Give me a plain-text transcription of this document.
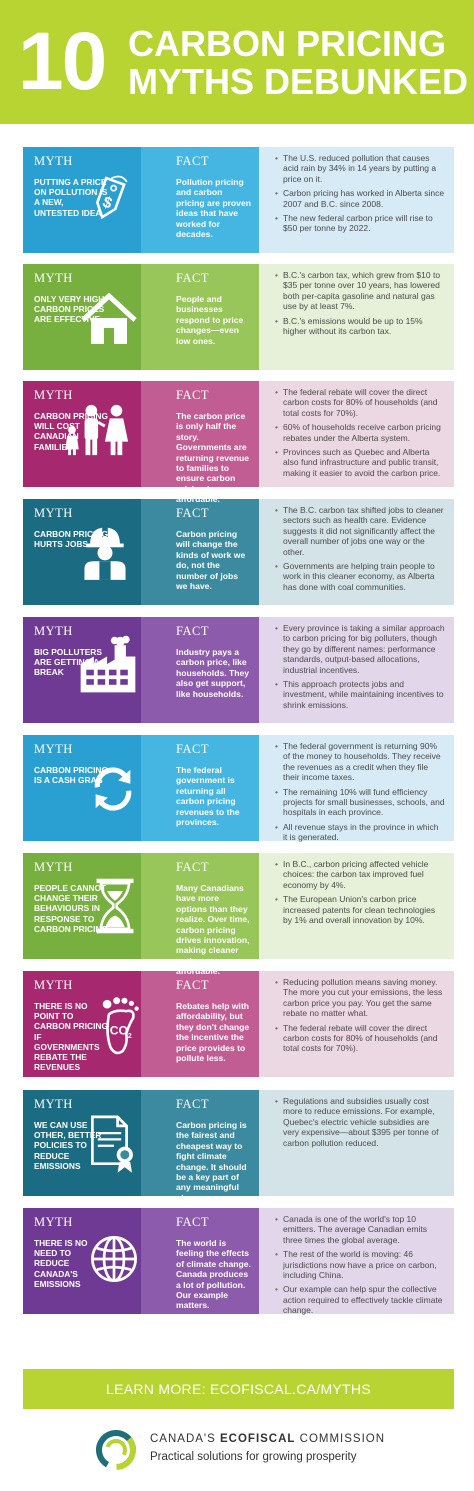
10 CARBON PRICING
MYTHS DEBUNKED
MYTH
PUTTING A PRICE ON POLLUTION IS A NEW, UNTESTED IDEA
FACT
Pollution pricing and carbon pricing are proven ideas that have worked for decades.
• The U.S. reduced pollution that causes acid rain by 34% in 14 years by putting a price on it.
• Carbon pricing has worked in Alberta since 2007 and B.C. since 2008.
• The new federal carbon price will rise to $50 per tonne by 2022.
$
MYTH
ONLY VERY HIGH CARBON PRICES ARE EFFECTIVE
FACT
People and businesses respond to price changes—even low ones.
• B.C.'s carbon tax, which grew from $10 to $35 per tonne over 10 years, has lowered both per-capita gasoline and natural gas use by at least 7%.
• B.C.'s emissions would be up to 15% higher without its carbon tax.
MYTH
CARBON PRICING WILL COST CANADIAN FAMILIES
FACT
The carbon price is only half the story. Governments are returning revenue to families to ensure carbon pricing is affordable.
• The federal rebate will cover the direct carbon costs for 80% of households (and total costs for 70%).
• 60% of households receive carbon pricing rebates under the Alberta system.
• Provinces such as Quebec and Alberta also fund infrastructure and public transit, making it easier to avoid the carbon price.
MYTH
CARBON PRICING HURTS JOBS
FACT
Carbon pricing will change the kinds of work we do, not the number of jobs we have.
• The B.C. carbon tax shifted jobs to cleaner sectors such as health care. Evidence suggests it did not significantly affect the overall number of jobs one way or the other.
• Governments are helping train people to work in this cleaner economy, as Alberta has done with coal communities.
MYTH
BIG POLLUTERS ARE GETTING A BREAK
FACT
Industry pays a carbon price, like households. They also get support, like households.
• Every province is taking a similar approach to carbon pricing for big polluters, though they go by different names: performance standards, output-based allocations, industrial incentives.
• This approach protects jobs and investment, while maintaining incentives to shrink emissions.
MYTH
CARBON PRICING IS A CASH GRAB
FACT
The federal government is returning all carbon pricing revenues to the provinces.
• The federal government is returning 90% of the money to households. They receive the revenues as a credit when they file their income taxes.
• The remaining 10% will fund efficiency projects for small businesses, schools, and hospitals in each province.
• All revenue stays in the province in which it is generated.
MYTH
PEOPLE CANNOT CHANGE THEIR BEHAVIOURS IN RESPONSE TO CARBON PRICING
FACT
Many Canadians have more options than they realize. Over time, carbon pricing drives innovation, making cleaner options more affordable.
• In B.C., carbon pricing affected vehicle choices: the carbon tax improved fuel economy by 4%.
• The European Union's carbon price increased patents for clean technologies by 1% and overall innovation by 10%.
MYTH
THERE IS NO POINT TO CARBON PRICING IF GOVERNMENTS REBATE THE REVENUES
FACT
Rebates help with affordability, but they don't change the incentive the price provides to pollute less.
• Reducing pollution means saving money. The more you cut your emissions, the less carbon price you pay. You get the same rebate no matter what.
• The federal rebate will cover the direct carbon costs for 80% of households (and total costs for 70%).
CO 2
MYTH
WE CAN USE OTHER, BETTER POLICIES TO REDUCE EMISSIONS
FACT
Carbon pricing is the fairest and cheapest way to fight climate change. It should be a key part of any meaningful plan.
• Regulations and subsidies usually cost more to reduce emissions. For example, Quebec's electric vehicle subsidies are very expensive—about $395 per tonne of carbon pollution reduced.
MYTH
THERE IS NO NEED TO REDUCE CANADA'S EMISSIONS
FACT
The world is feeling the effects of climate change. Canada produces a lot of pollution. Our example matters.
• Canada is one of the world's top 10 emitters. The average Canadian emits three times the global average.
• The rest of the world is moving: 46 jurisdictions now have a price on carbon, including China.
• Our example can help spur the collective action required to effectively tackle climate change.
LEARN MORE: ECOFISCAL.CA/MYTHS
CANADA'S ECOFISCAL COMMISSION
Practical solutions for growing prosperity
